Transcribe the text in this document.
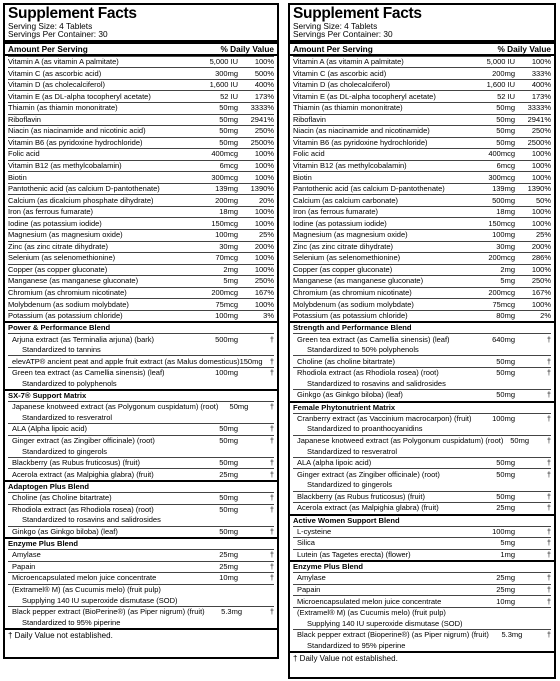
Supplement Facts
Serving Size: 4 Tablets
Servings Per Container: 30
Amount Per Serving	% Daily Value
Vitamin A (as vitamin A palmitate)	5,000 IU	100%
Vitamin C (as ascorbic acid)	300mg	500%
Vitamin D (as cholecalciferol)	1,600 IU	400%
Vitamin E (as DL-alpha tocopheryl acetate)	52 IU	173%
Thiamin (as thiamin mononitrate)	50mg	3333%
Riboflavin	50mg	2941%
Niacin (as niacinamide and nicotinic acid)	50mg	250%
Vitamin B6 (as pyridoxine hydrochloride)	50mg	2500%
Folic acid	400mcg	100%
Vitamin B12 (as methylcobalamin)	6mcg	100%
Biotin	300mcg	100%
Pantothenic acid (as calcium D-pantothenate)	139mg	1390%
Calcium (as dicalcium phosphate dihydrate)	200mg	20%
Iron (as ferrous fumarate)	18mg	100%
Iodine (as potassium iodide)	150mcg	100%
Magnesium (as magnesium oxide)	100mg	25%
Zinc (as zinc citrate dihydrate)	30mg	200%
Selenium (as selenomethionine)	70mcg	100%
Copper (as copper gluconate)	2mg	100%
Manganese (as manganese gluconate)	5mg	250%
Chromium (as chromium nicotinate)	200mcg	167%
Molybdenum (as sodium molybdate)	75mcg	100%
Potassium (as potassium chloride)	100mg	3%
Power & Performance Blend
Arjuna extract (as Terminalia arjuna) (bark)	500mg	†
Standardized to tannins
elevATP® ancient peat and apple fruit extract (as Malus domesticus) 150mg †
Green tea extract (as Camellia sinensis) (leaf)	100mg	†
Standardized to polyphenols
SX-7® Support Matrix
Japanese knotweed extract (as Polygonum cuspidatum) (root)	50mg	†
Standardized to resveratrol
ALA (Alpha lipoic acid)	50mg	†
Ginger extract (as Zingiber officinale) (root)	50mg	†
Standardized to gingerols
Blackberry (as Rubus fruticosus) (fruit)	50mg	†
Acerola extract (as Malpighia glabra) (fruit)	25mg	†
Adaptogen Plus Blend
Choline (as Choline bitartrate)	50mg	†
Rhodiola extract (as Rhodiola rosea) (root)	50mg	†
Standardized to rosavins and salidrosides
Ginkgo (as Ginkgo biloba) (leaf)	50mg	†
Enzyme Plus Blend
Amylase	25mg	†
Papain	25mg	†
Microencapsulated melon juice concentrate	10mg	†
(Extramel® M) (as Cucumis melo) (fruit pulp)
Supplying 140 IU superoxide dismutase (SOD)
Black pepper extract (BioPerine®) (as Piper nigrum) (fruit)	5.3mg	†
Standardized to 95% piperine
† Daily Value not established.
Supplement Facts
Serving Size: 4 Tablets
Servings Per Container: 30
Amount Per Serving	% Daily Value
Vitamin A (as vitamin A palmitate)	5,000 IU	100%
Vitamin C (as ascorbic acid)	200mg	333%
Vitamin D (as cholecalciferol)	1,600 IU	400%
Vitamin E (as DL-alpha tocopheryl acetate)	52 IU	173%
Thiamin (as thiamin mononitrate)	50mg	3333%
Riboflavin	50mg	2941%
Niacin (as niacinamide and nicotinamide)	50mg	250%
Vitamin B6 (as pyridoxine hydrochloride)	50mg	2500%
Folic acid	400mcg	100%
Vitamin B12 (as methylcobalamin)	6mcg	100%
Biotin	300mcg	100%
Pantothenic acid (as calcium D-pantothenate)	139mg	1390%
Calcium (as calcium carbonate)	500mg	50%
Iron (as ferrous fumarate)	18mg	100%
Iodine (as potassium iodide)	150mcg	100%
Magnesium (as magnesium oxide)	100mg	25%
Zinc (as zinc citrate dihydrate)	30mg	200%
Selenium (as selenomethionine)	200mcg	286%
Copper (as copper gluconate)	2mg	100%
Manganese (as manganese gluconate)	5mg	250%
Chromium (as chromium nicotinate)	200mcg	167%
Molybdenum (as sodium molybdate)	75mcg	100%
Potassium (as potassium chloride)	80mg	2%
Strength and Performance Blend
Green tea extract (as Camellia sinensis) (leaf)	640mg	†
Standardized to 50% polyphenols
Choline (as choline bitartrate)	50mg	†
Rhodiola extract (as Rhodiola rosea) (root)	50mg	†
Standardized to rosavins and salidrosides
Ginkgo (as Ginkgo biloba) (leaf)	50mg	†
Female Phytonutrient Matrix
Cranberry extract (as Vaccinium macrocarpon) (fruit)	100mg	†
Standardized to proanthocyanidins
Japanese knotweed extract (as Polygonum cuspidatum) (root) 50mg	†
Standardized to resveratrol
ALA (alpha lipoic acid)	50mg	†
Ginger extract (as Zingiber officinale) (root)	50mg	†
Standardized to gingerols
Blackberry (as Rubus fruticosus) (fruit)	50mg	†
Acerola extract (as Malpighia glabra) (fruit)	25mg	†
Active Women Support Blend
L-cysteine	100mg	†
Silica	5mg	†
Lutein (as Tagetes erecta) (flower)	1mg	†
Enzyme Plus Blend
Amylase	25mg	†
Papain	25mg	†
Microencapsulated melon juice concentrate	10mg	†
(Extramel® M) (as Cucumis melo) (fruit pulp)
Supplying 140 IU superoxide dismutase (SOD)
Black pepper extract (Bioperine®) (as Piper nigrum) (fruit)	5.3mg	†
Standardized to 95% piperine
† Daily Value not established.
